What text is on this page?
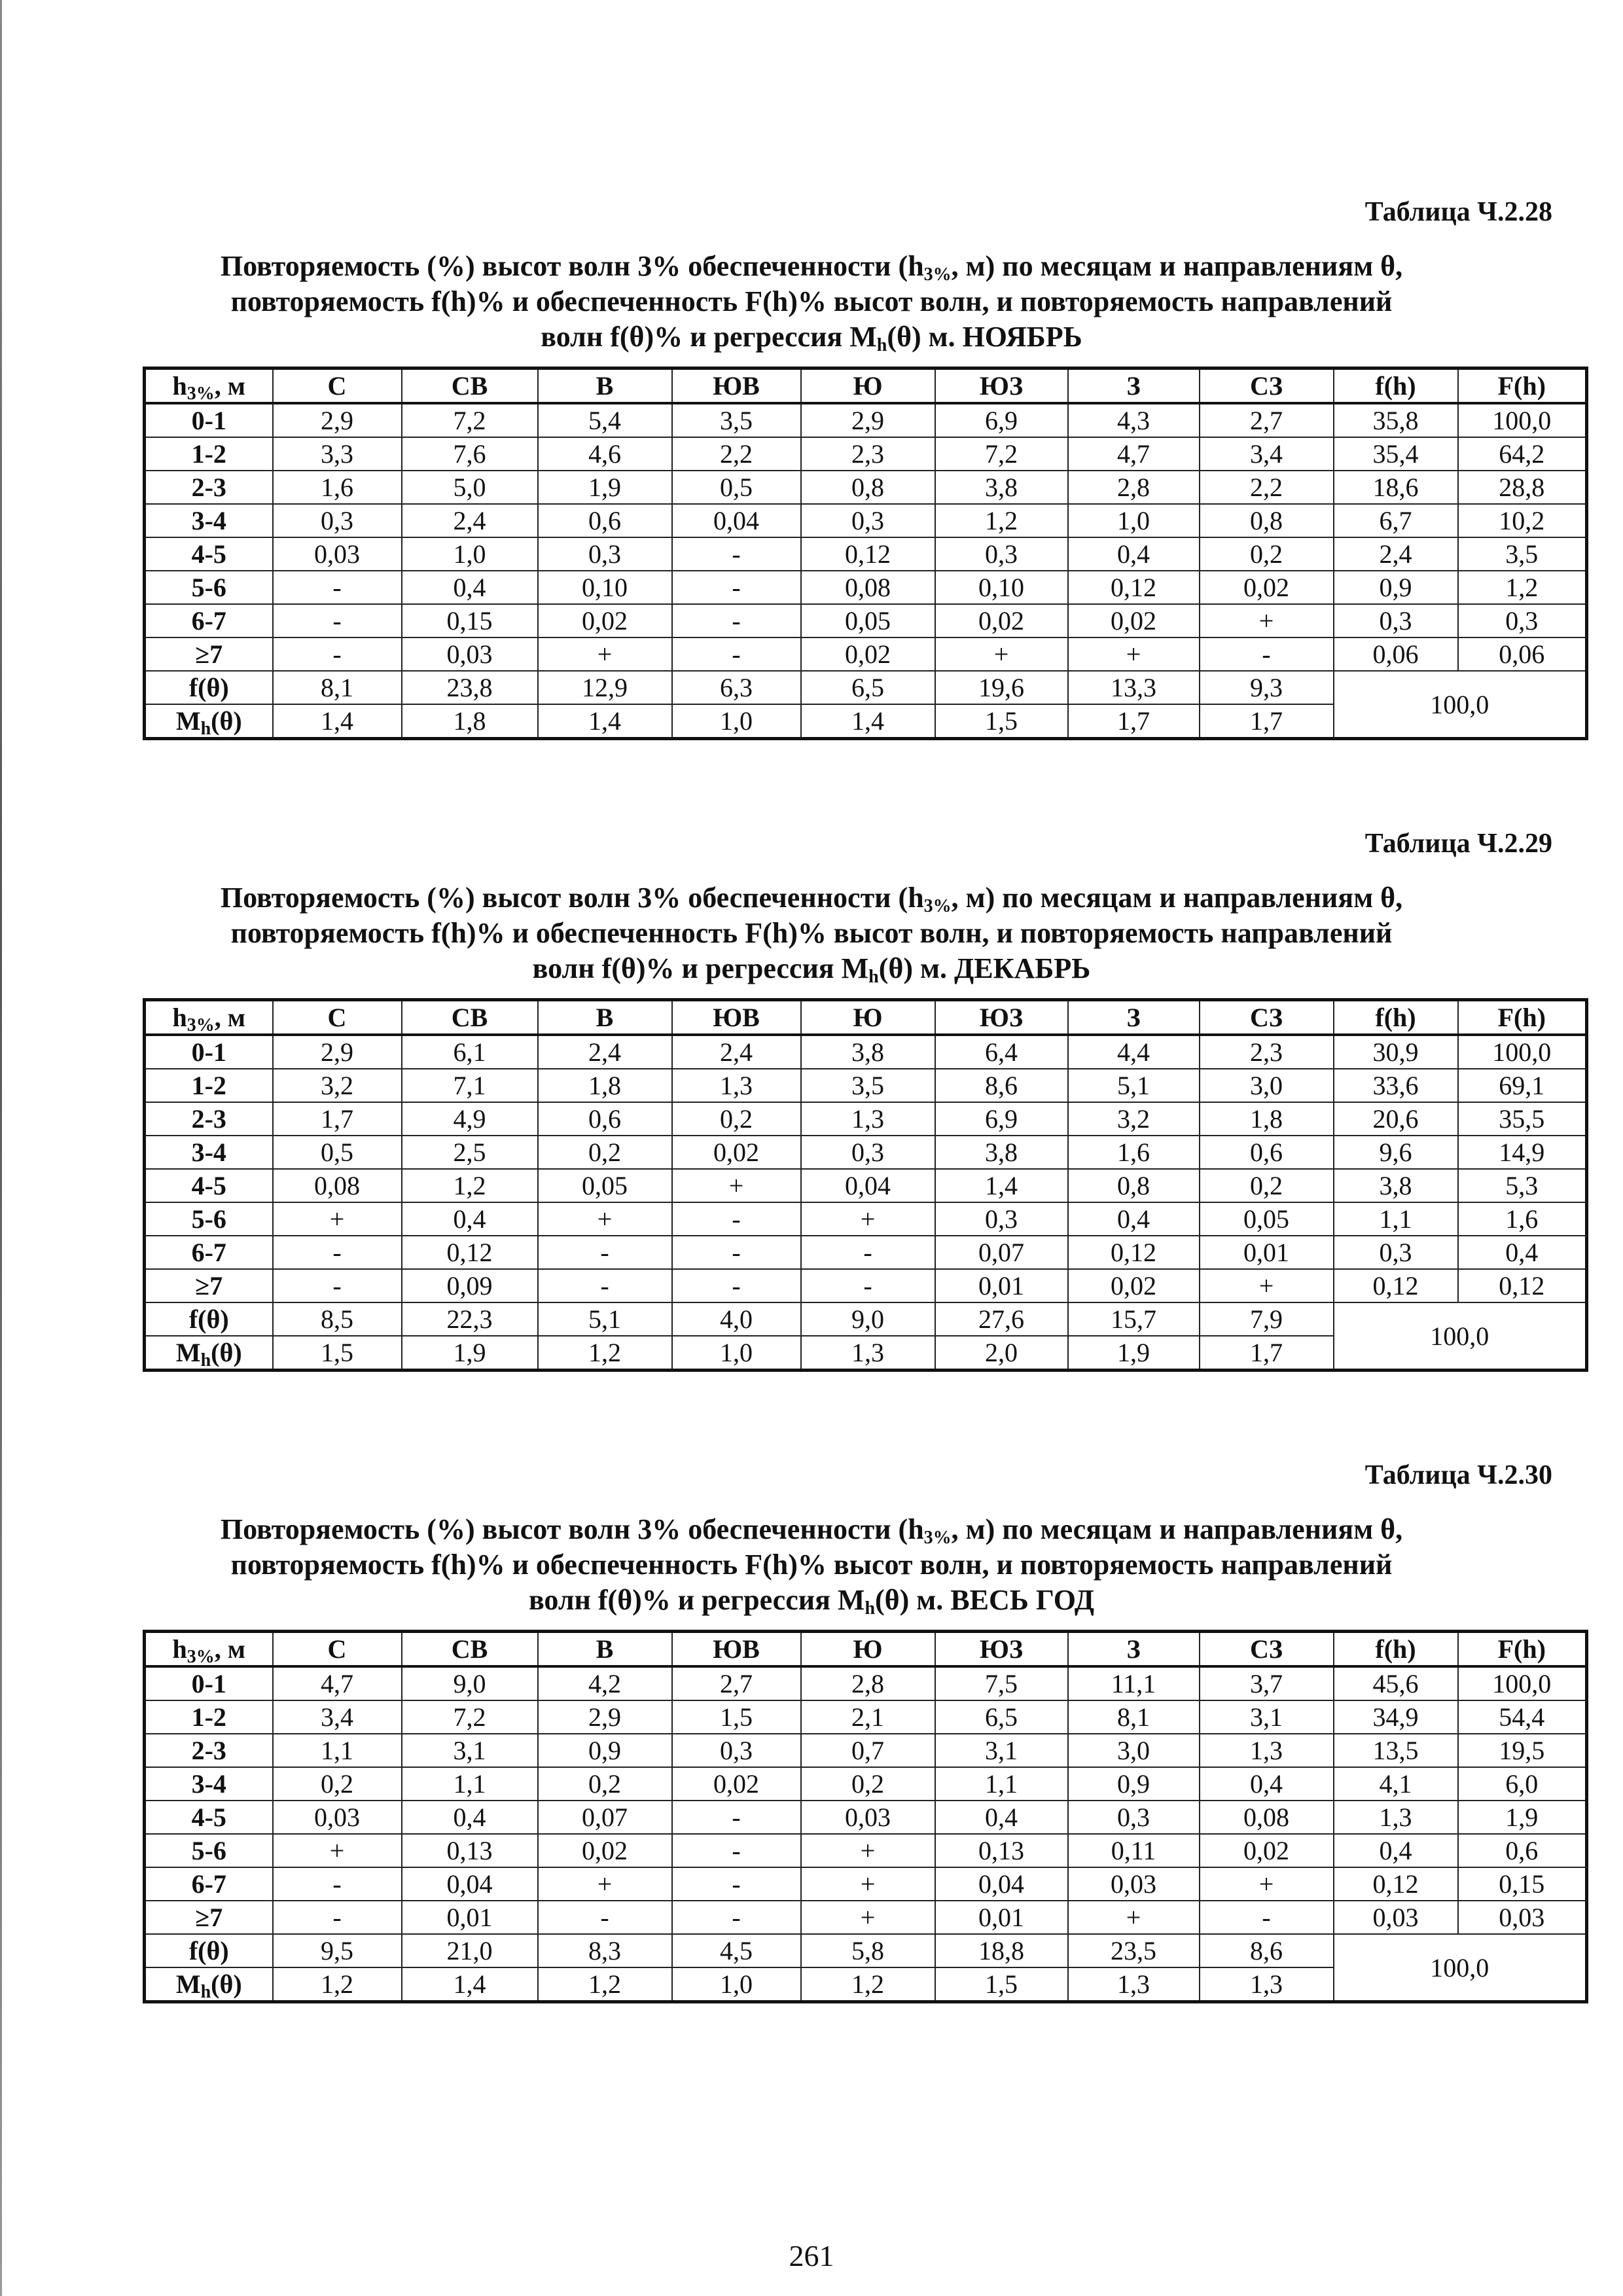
Таблица Ч.2.28
Повторяемость (%) высот волн 3% обеспеченности ($h_{3\%}$, м) по месяцам и направлениям θ,
повторяемость f(h)% и обеспеченность F(h)% высот волн, и повторяемость направлений
волн f(θ)% и регрессия $M_h(\theta)$ м. НОЯБРЬ
$h_{3\%}$, м	С	СВ	В	ЮВ	Ю	ЮЗ	З	СЗ	f(h)	F(h)
0-1	2,9	7,2	5,4	3,5	2,9	6,9	4,3	2,7	35,8	100,0
1-2	3,3	7,6	4,6	2,2	2,3	7,2	4,7	3,4	35,4	64,2
2-3	1,6	5,0	1,9	0,5	0,8	3,8	2,8	2,2	18,6	28,8
3-4	0,3	2,4	0,6	0,04	0,3	1,2	1,0	0,8	6,7	10,2
4-5	0,03	1,0	0,3	-	0,12	0,3	0,4	0,2	2,4	3,5
5-6	-	0,4	0,10	-	0,08	0,10	0,12	0,02	0,9	1,2
6-7	-	0,15	0,02	-	0,05	0,02	0,02	+	0,3	0,3
≥7	-	0,03	+	-	0,02	+	+	-	0,06	0,06
f(θ)	8,1	23,8	12,9	6,3	6,5	19,6	13,3	9,3	100,0	
$M_h(\theta)$	1,4	1,8	1,4	1,0	1,4	1,5	1,7	1,7		
Таблица Ч.2.29
Повторяемость (%) высот волн 3% обеспеченности ($h_{3\%}$, м) по месяцам и направлениям θ,
повторяемость f(h)% и обеспеченность F(h)% высот волн, и повторяемость направлений
волн f(θ)% и регрессия $M_h(\theta)$ м. ДЕКАБРЬ
$h_{3\%}$, м	С	СВ	В	ЮВ	Ю	ЮЗ	З	СЗ	f(h)	F(h)
0-1	2,9	6,1	2,4	2,4	3,8	6,4	4,4	2,3	30,9	100,0
1-2	3,2	7,1	1,8	1,3	3,5	8,6	5,1	3,0	33,6	69,1
2-3	1,7	4,9	0,6	0,2	1,3	6,9	3,2	1,8	20,6	35,5
3-4	0,5	2,5	0,2	0,02	0,3	3,8	1,6	0,6	9,6	14,9
4-5	0,08	1,2	0,05	+	0,04	1,4	0,8	0,2	3,8	5,3
5-6	+	0,4	+	-	+	0,3	0,4	0,05	1,1	1,6
6-7	-	0,12	-	-	-	0,07	0,12	0,01	0,3	0,4
≥7	-	0,09	-	-	-	0,01	0,02	+	0,12	0,12
f(θ)	8,5	22,3	5,1	4,0	9,0	27,6	15,7	7,9	100,0	
$M_h(\theta)$	1,5	1,9	1,2	1,0	1,3	2,0	1,9	1,7		
Таблица Ч.2.30
Повторяемость (%) высот волн 3% обеспеченности ($h_{3\%}$, м) по месяцам и направлениям θ,
повторяемость f(h)% и обеспеченность F(h)% высот волн, и повторяемость направлений
волн f(θ)% и регрессия $M_h(\theta)$ м. ВЕСЬ ГОД
$h_{3\%}$, м	С	СВ	В	ЮВ	Ю	ЮЗ	З	СЗ	f(h)	F(h)
0-1	4,7	9,0	4,2	2,7	2,8	7,5	11,1	3,7	45,6	100,0
1-2	3,4	7,2	2,9	1,5	2,1	6,5	8,1	3,1	34,9	54,4
2-3	1,1	3,1	0,9	0,3	0,7	3,1	3,0	1,3	13,5	19,5
3-4	0,2	1,1	0,2	0,02	0,2	1,1	0,9	0,4	4,1	6,0
4-5	0,03	0,4	0,07	-	0,03	0,4	0,3	0,08	1,3	1,9
5-6	+	0,13	0,02	-	+	0,13	0,11	0,02	0,4	0,6
6-7	-	0,04	+	-	+	0,04	0,03	+	0,12	0,15
≥7	-	0,01	-	-	+	0,01	+	-	0,03	0,03
f(θ)	9,5	21,0	8,3	4,5	5,8	18,8	23,5	8,6	100,0	
$M_h(\theta)$	1,2	1,4	1,2	1,0	1,2	1,5	1,3	1,3		
261
